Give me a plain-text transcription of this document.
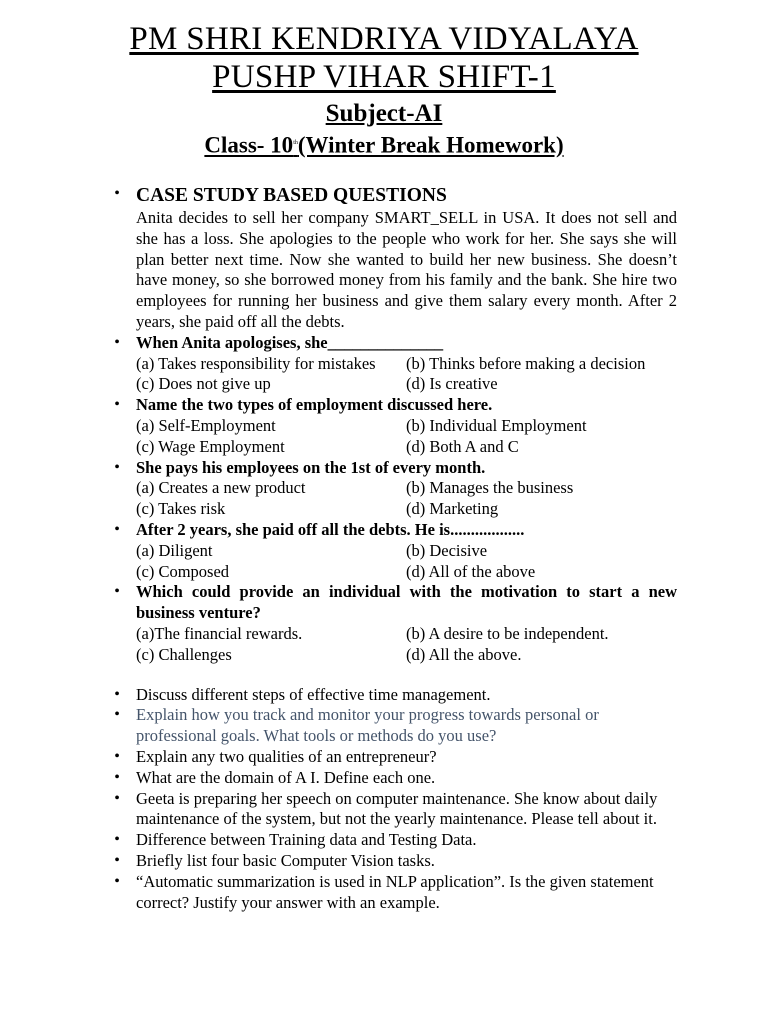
PM SHRI KENDRIYA VIDYALAYA
PUSHP VIHAR SHIFT-1
Subject-AI
Class- 10th(Winter Break Homework)
• CASE STUDY BASED QUESTIONS
Anita decides to sell her company SMART_SELL in USA. It does not sell and she has a loss. She apologies to the people who work for her. She says she will plan better next time. Now she wanted to build her new business. She doesn’t have money, so she borrowed money from his family and the bank. She hire two employees for running her business and give them salary every month. After 2 years, she paid off all the debts.
• When Anita apologises, she______________
(a) Takes responsibility for mistakes	(b) Thinks before making a decision
(c) Does not give up	(d) Is creative
• Name the two types of employment discussed here.
(a) Self-Employment	(b) Individual Employment
(c) Wage Employment	(d) Both A and C
• She pays his employees on the 1st of every month.
(a) Creates a new product	(b) Manages the business
(c) Takes risk	(d) Marketing
• After 2 years, she paid off all the debts. He is..................
(a) Diligent	(b) Decisive
(c) Composed	(d) All of the above
• Which could provide an individual with the motivation to start a new business venture?
(a)The financial rewards.	(b) A desire to be independent.
(c) Challenges	(d) All the above.
• Discuss different steps of effective time management.
• Explain how you track and monitor your progress towards personal or professional goals. What tools or methods do you use?
• Explain any two qualities of an entrepreneur?
• What are the domain of A I. Define each one.
• Geeta is preparing her speech on computer maintenance. She know about daily maintenance of the system, but not the yearly maintenance. Please tell about it.
• Difference between Training data and Testing Data.
• Briefly list four basic Computer Vision tasks.
• “Automatic summarization is used in NLP application”. Is the given statement correct? Justify your answer with an example.
